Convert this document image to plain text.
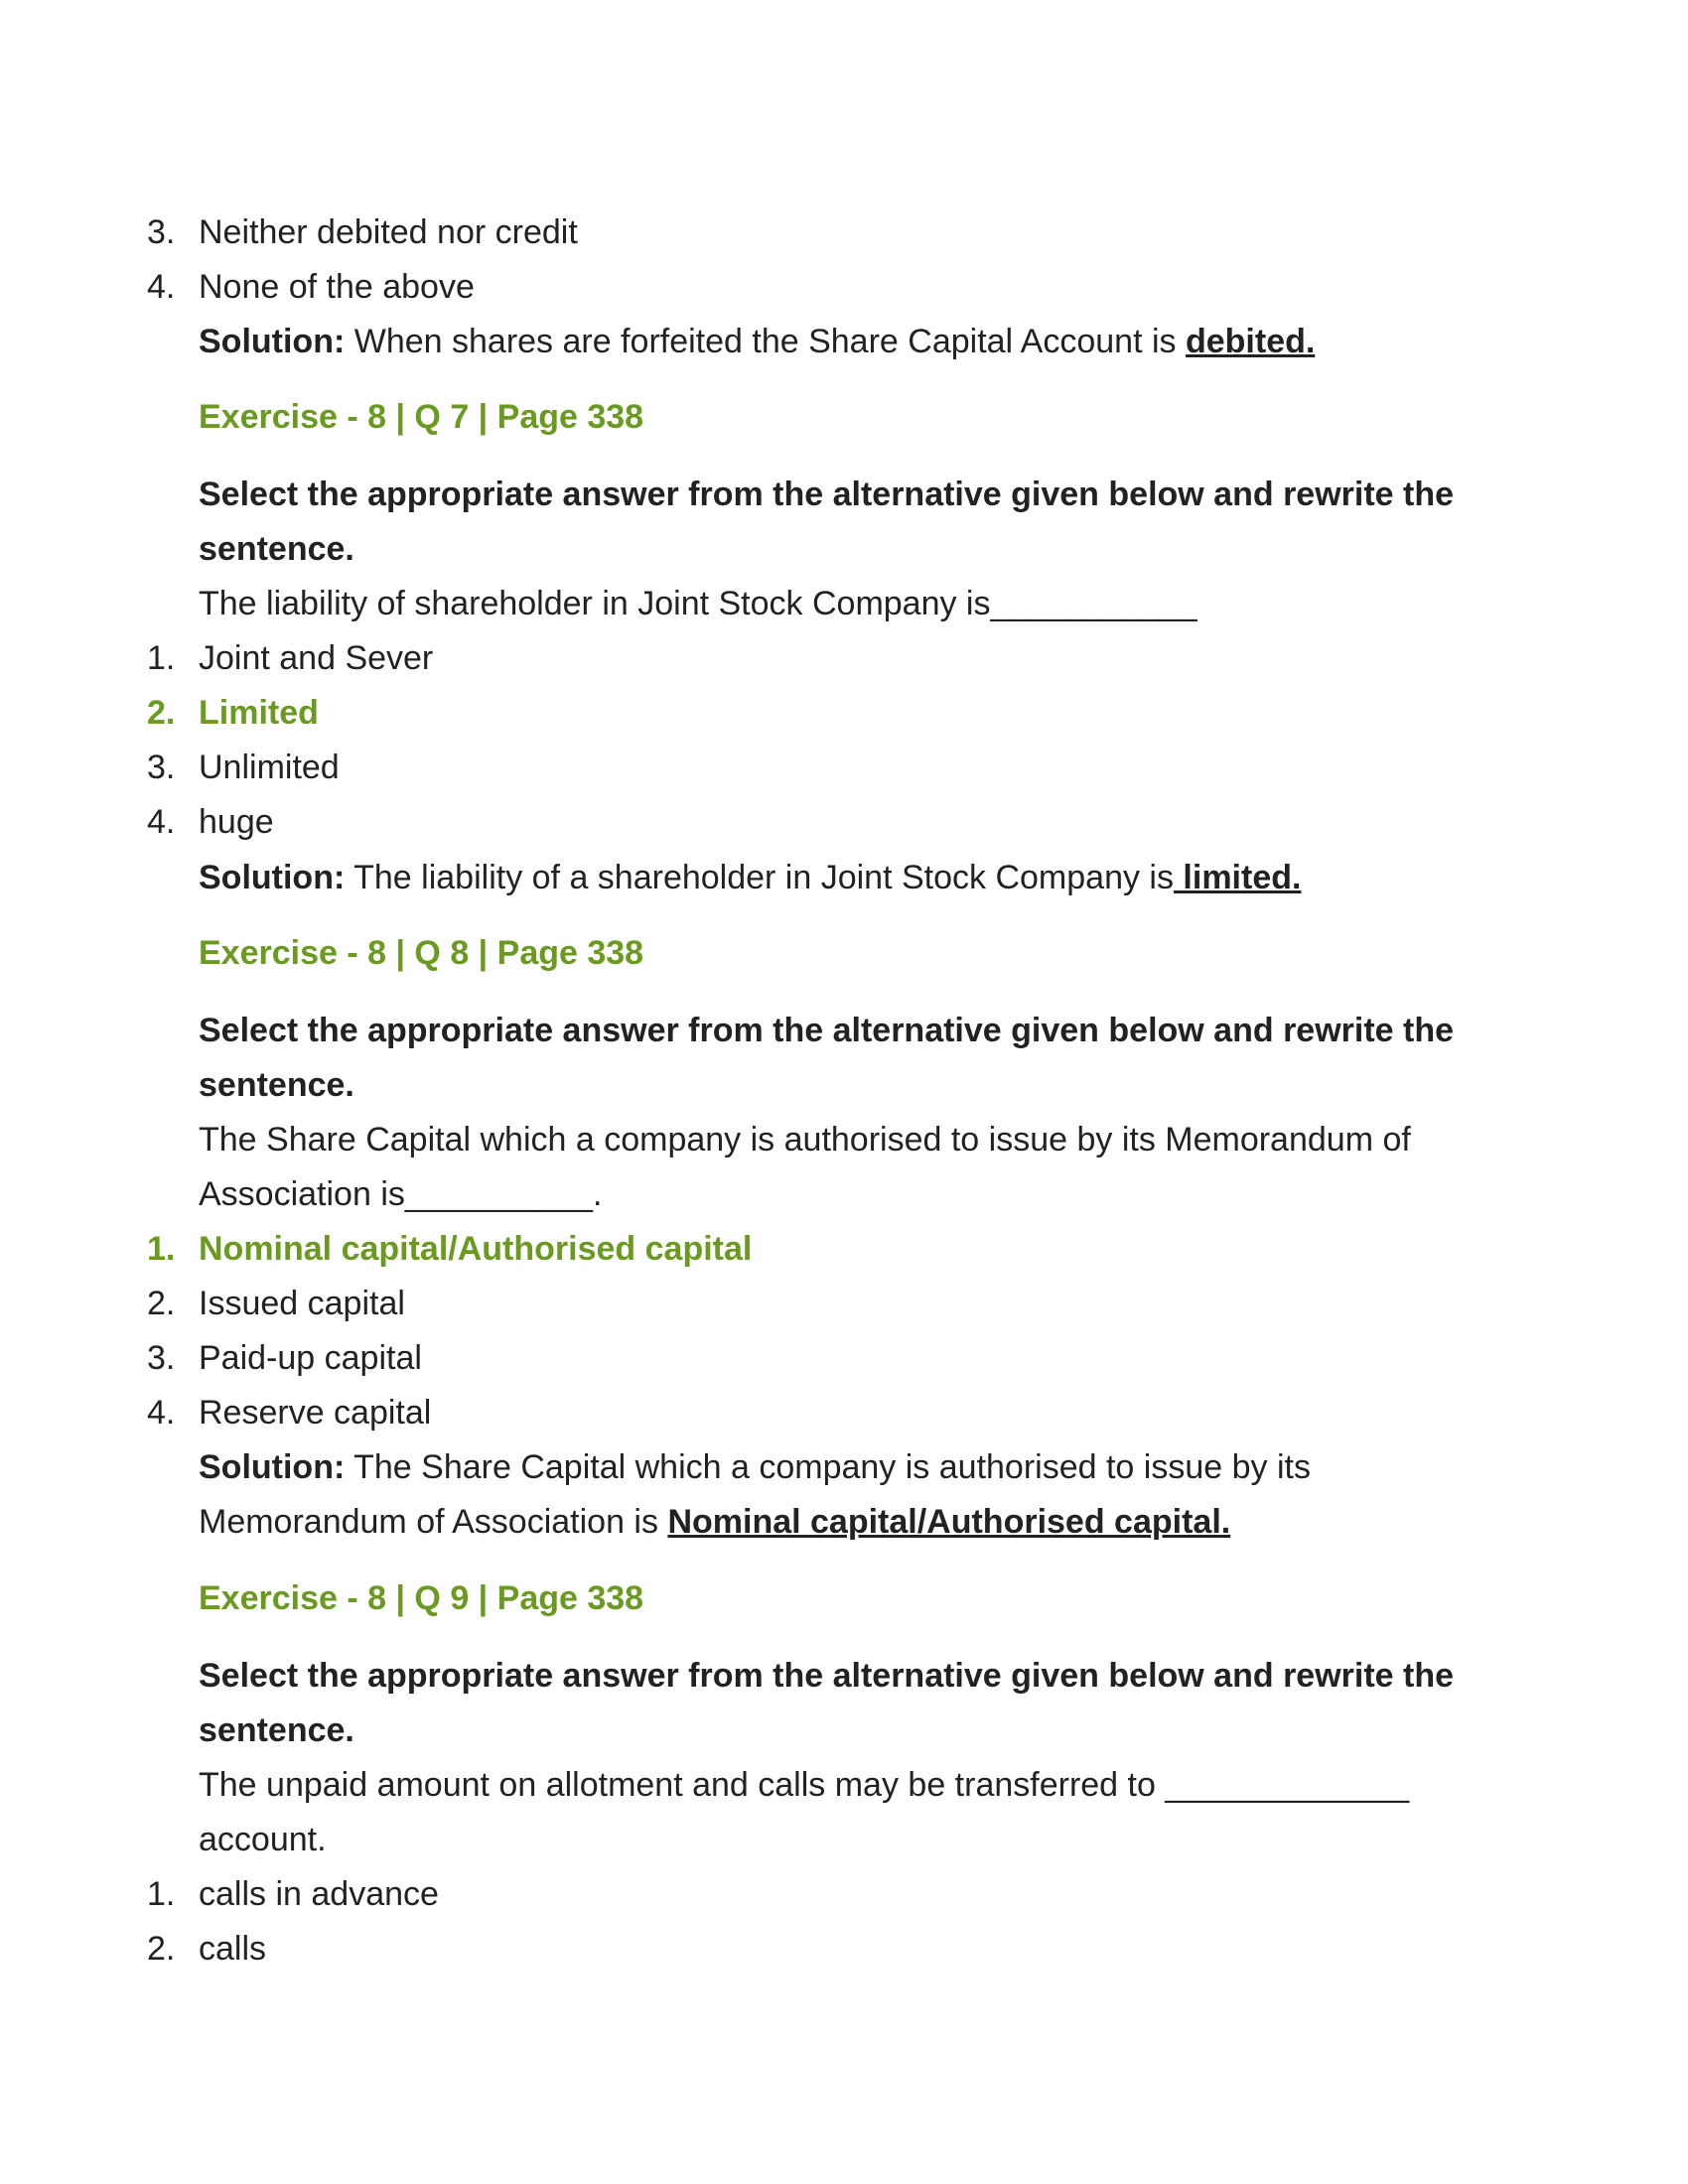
3. Neither debited nor credit
4. None of the above
Solution: When shares are forfeited the Share Capital Account is debited.
Exercise - 8 | Q 7 | Page 338
Select the appropriate answer from the alternative given below and rewrite the
sentence.
The liability of shareholder in Joint Stock Company is___________
1. Joint and Sever
2. Limited
3. Unlimited
4. huge
Solution: The liability of a shareholder in Joint Stock Company is limited.
Exercise - 8 | Q 8 | Page 338
Select the appropriate answer from the alternative given below and rewrite the
sentence.
The Share Capital which a company is authorised to issue by its Memorandum of
Association is__________.
1. Nominal capital/Authorised capital
2. Issued capital
3. Paid-up capital
4. Reserve capital
Solution: The Share Capital which a company is authorised to issue by its
Memorandum of Association is Nominal capital/Authorised capital.
Exercise - 8 | Q 9 | Page 338
Select the appropriate answer from the alternative given below and rewrite the
sentence.
The unpaid amount on allotment and calls may be transferred to _____________
account.
1. calls in advance
2. calls
